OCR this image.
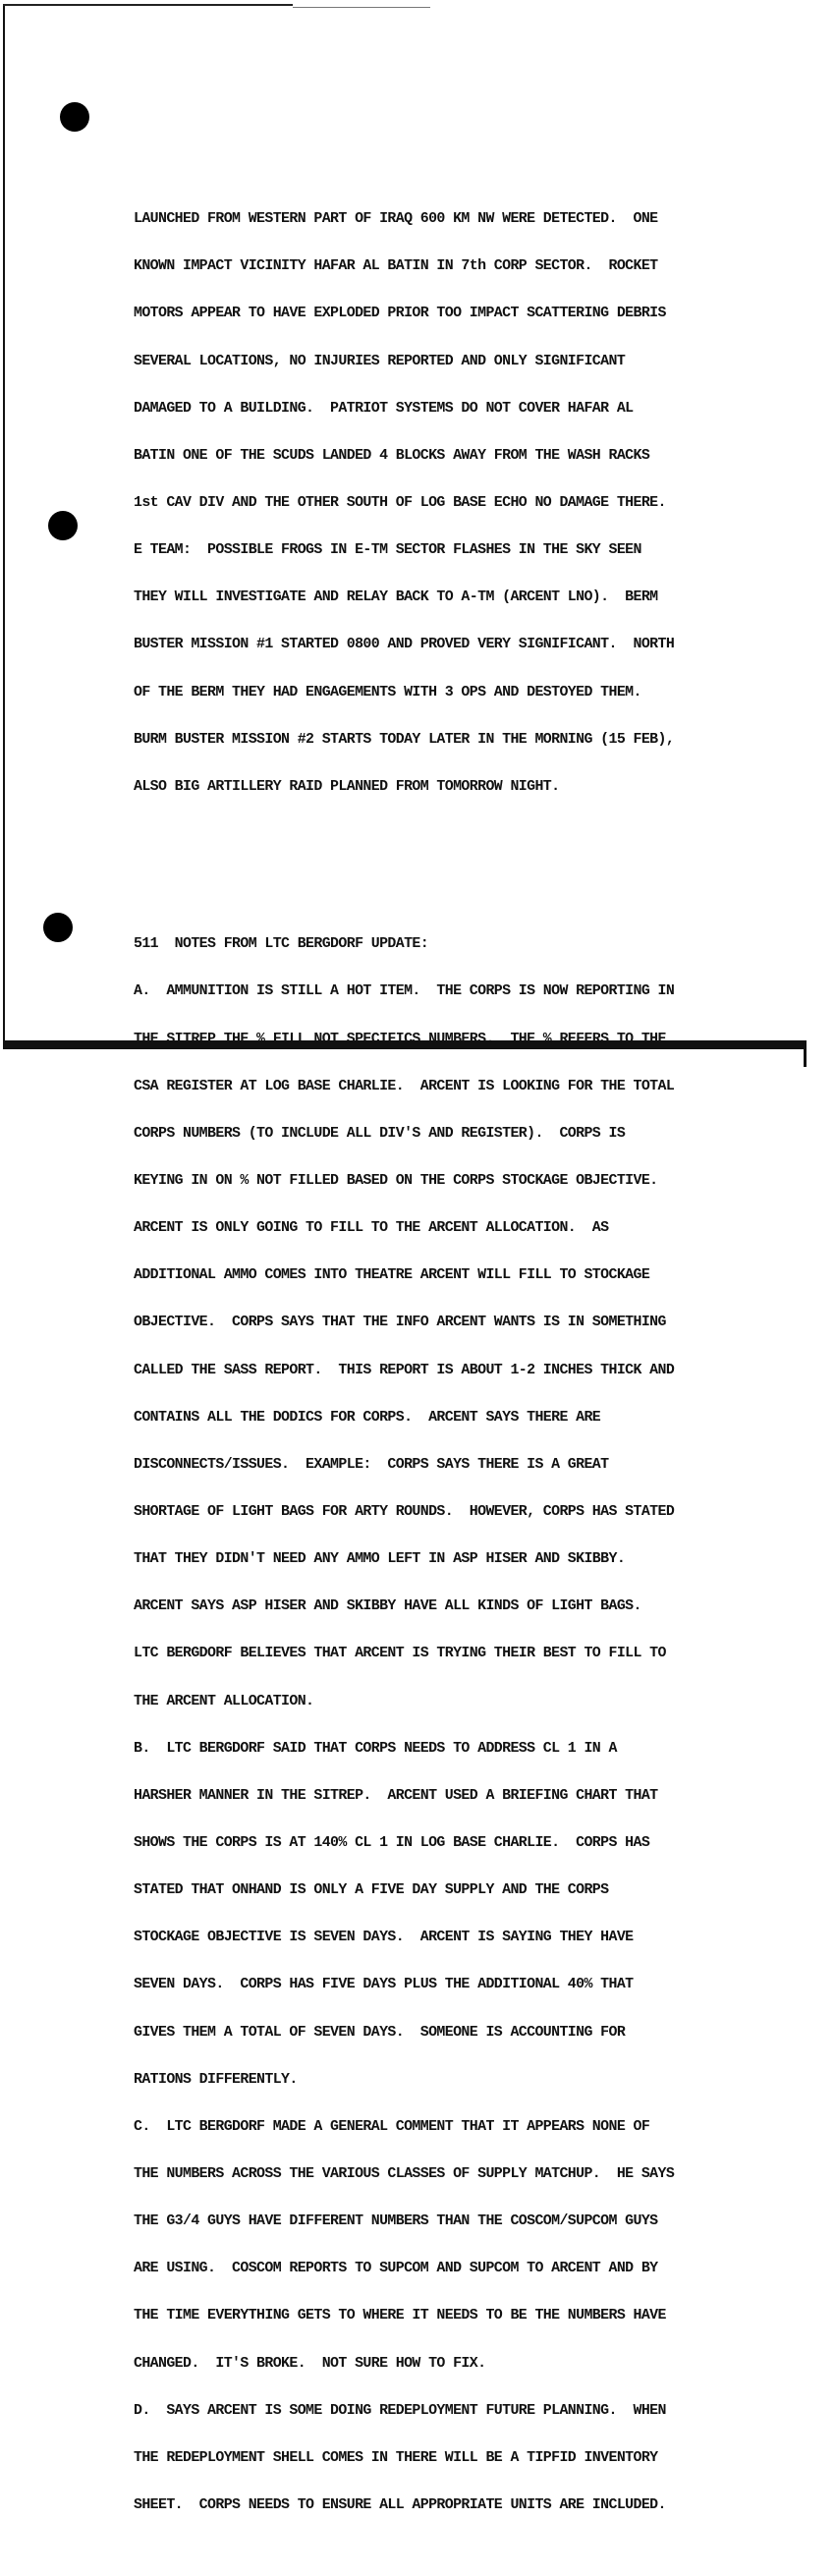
LAUNCHED FROM WESTERN PART OF IRAQ 600 KM NW WERE DETECTED.  ONE

KNOWN IMPACT VICINITY HAFAR AL BATIN IN 7th CORP SECTOR.  ROCKET

MOTORS APPEAR TO HAVE EXPLODED PRIOR TOO IMPACT SCATTERING DEBRIS

SEVERAL LOCATIONS, NO INJURIES REPORTED AND ONLY SIGNIFICANT

DAMAGED TO A BUILDING.  PATRIOT SYSTEMS DO NOT COVER HAFAR AL

BATIN ONE OF THE SCUDS LANDED 4 BLOCKS AWAY FROM THE WASH RACKS

1st CAV DIV AND THE OTHER SOUTH OF LOG BASE ECHO NO DAMAGE THERE.

E TEAM:  POSSIBLE FROGS IN E-TM SECTOR FLASHES IN THE SKY SEEN

THEY WILL INVESTIGATE AND RELAY BACK TO A-TM (ARCENT LNO).  BERM

BUSTER MISSION #1 STARTED 0800 AND PROVED VERY SIGNIFICANT.  NORTH

OF THE BERM THEY HAD ENGAGEMENTS WITH 3 OPS AND DESTOYED THEM.

BURM BUSTER MISSION #2 STARTS TODAY LATER IN THE MORNING (15 FEB),

ALSO BIG ARTILLERY RAID PLANNED FROM TOMORROW NIGHT.

511  NOTES FROM LTC BERGDORF UPDATE:

A.  AMMUNITION IS STILL A HOT ITEM.  THE CORPS IS NOW REPORTING IN

THE SITREP THE % FILL NOT SPECIFICS NUMBERS.  THE % REFERS TO THE

CSA REGISTER AT LOG BASE CHARLIE.  ARCENT IS LOOKING FOR THE TOTAL

CORPS NUMBERS (TO INCLUDE ALL DIV'S AND REGISTER).  CORPS IS

KEYING IN ON % NOT FILLED BASED ON THE CORPS STOCKAGE OBJECTIVE.

ARCENT IS ONLY GOING TO FILL TO THE ARCENT ALLOCATION.  AS

ADDITIONAL AMMO COMES INTO THEATRE ARCENT WILL FILL TO STOCKAGE

OBJECTIVE.  CORPS SAYS THAT THE INFO ARCENT WANTS IS IN SOMETHING

CALLED THE SASS REPORT.  THIS REPORT IS ABOUT 1-2 INCHES THICK AND

CONTAINS ALL THE DODICS FOR CORPS.  ARCENT SAYS THERE ARE

DISCONNECTS/ISSUES.  EXAMPLE:  CORPS SAYS THERE IS A GREAT

SHORTAGE OF LIGHT BAGS FOR ARTY ROUNDS.  HOWEVER, CORPS HAS STATED

THAT THEY DIDN'T NEED ANY AMMO LEFT IN ASP HISER AND SKIBBY.

ARCENT SAYS ASP HISER AND SKIBBY HAVE ALL KINDS OF LIGHT BAGS.

LTC BERGDORF BELIEVES THAT ARCENT IS TRYING THEIR BEST TO FILL TO

THE ARCENT ALLOCATION.

B.  LTC BERGDORF SAID THAT CORPS NEEDS TO ADDRESS CL 1 IN A

HARSHER MANNER IN THE SITREP.  ARCENT USED A BRIEFING CHART THAT

SHOWS THE CORPS IS AT 140% CL 1 IN LOG BASE CHARLIE.  CORPS HAS

STATED THAT ONHAND IS ONLY A FIVE DAY SUPPLY AND THE CORPS

STOCKAGE OBJECTIVE IS SEVEN DAYS.  ARCENT IS SAYING THEY HAVE

SEVEN DAYS.  CORPS HAS FIVE DAYS PLUS THE ADDITIONAL 40% THAT

GIVES THEM A TOTAL OF SEVEN DAYS.  SOMEONE IS ACCOUNTING FOR

RATIONS DIFFERENTLY.

C.  LTC BERGDORF MADE A GENERAL COMMENT THAT IT APPEARS NONE OF

THE NUMBERS ACROSS THE VARIOUS CLASSES OF SUPPLY MATCHUP.  HE SAYS

THE G3/4 GUYS HAVE DIFFERENT NUMBERS THAN THE COSCOM/SUPCOM GUYS

ARE USING.  COSCOM REPORTS TO SUPCOM AND SUPCOM TO ARCENT AND BY

THE TIME EVERYTHING GETS TO WHERE IT NEEDS TO BE THE NUMBERS HAVE

CHANGED.  IT'S BROKE.  NOT SURE HOW TO FIX.

D.  SAYS ARCENT IS SOME DOING REDEPLOYMENT FUTURE PLANNING.  WHEN

THE REDEPLOYMENT SHELL COMES IN THERE WILL BE A TIPFID INVENTORY

SHEET.  CORPS NEEDS TO ENSURE ALL APPROPRIATE UNITS ARE INCLUDED.
